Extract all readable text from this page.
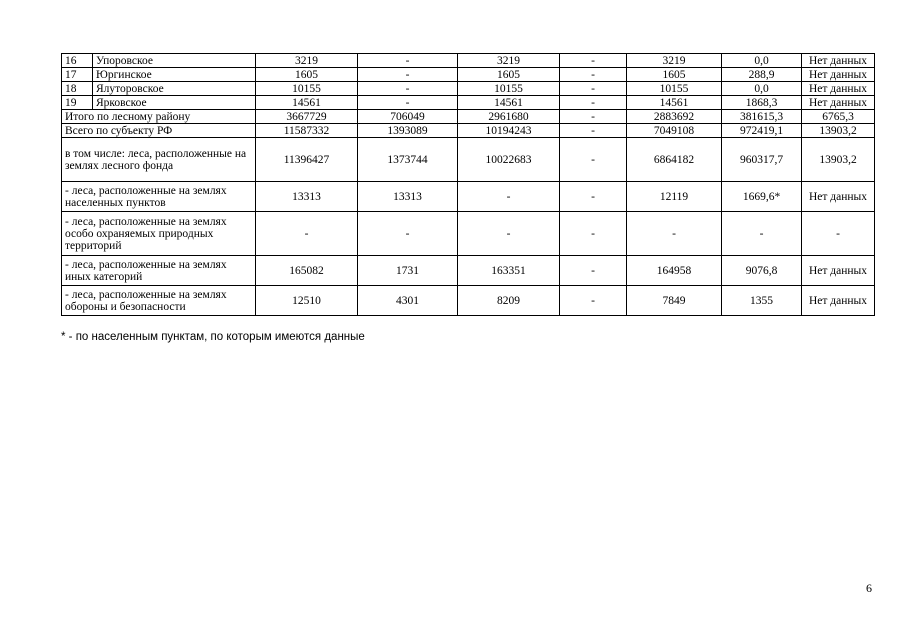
16	Упоровское	3219	-	3219	-	3219	0,0	Нет данных
17	Юргинское	1605	-	1605	-	1605	288,9	Нет данных
18	Ялуторовское	10155	-	10155	-	10155	0,0	Нет данных
19	Ярковское	14561	-	14561	-	14561	1868,3	Нет данных
Итого по лесному району		3667729	706049	2961680	-	2883692	381615,3	6765,3
Всего по субъекту РФ		11587332	1393089	10194243	-	7049108	972419,1	13903,2
в том числе: леса, расположенные на землях лесного фонда		11396427	1373744	10022683	-	6864182	960317,7	13903,2
- леса, расположенные на землях населенных пунктов		13313	13313	-	-	12119	1669,6*	Нет данных
- леса, расположенные на землях особо охраняемых природных территорий		-	-	-	-	-	-	-
- леса, расположенные на землях иных категорий		165082	1731	163351	-	164958	9076,8	Нет данных
- леса, расположенные на землях обороны и безопасности		12510	4301	8209	-	7849	1355	Нет данных
* - по населенным пунктам, по которым имеются данные
6
